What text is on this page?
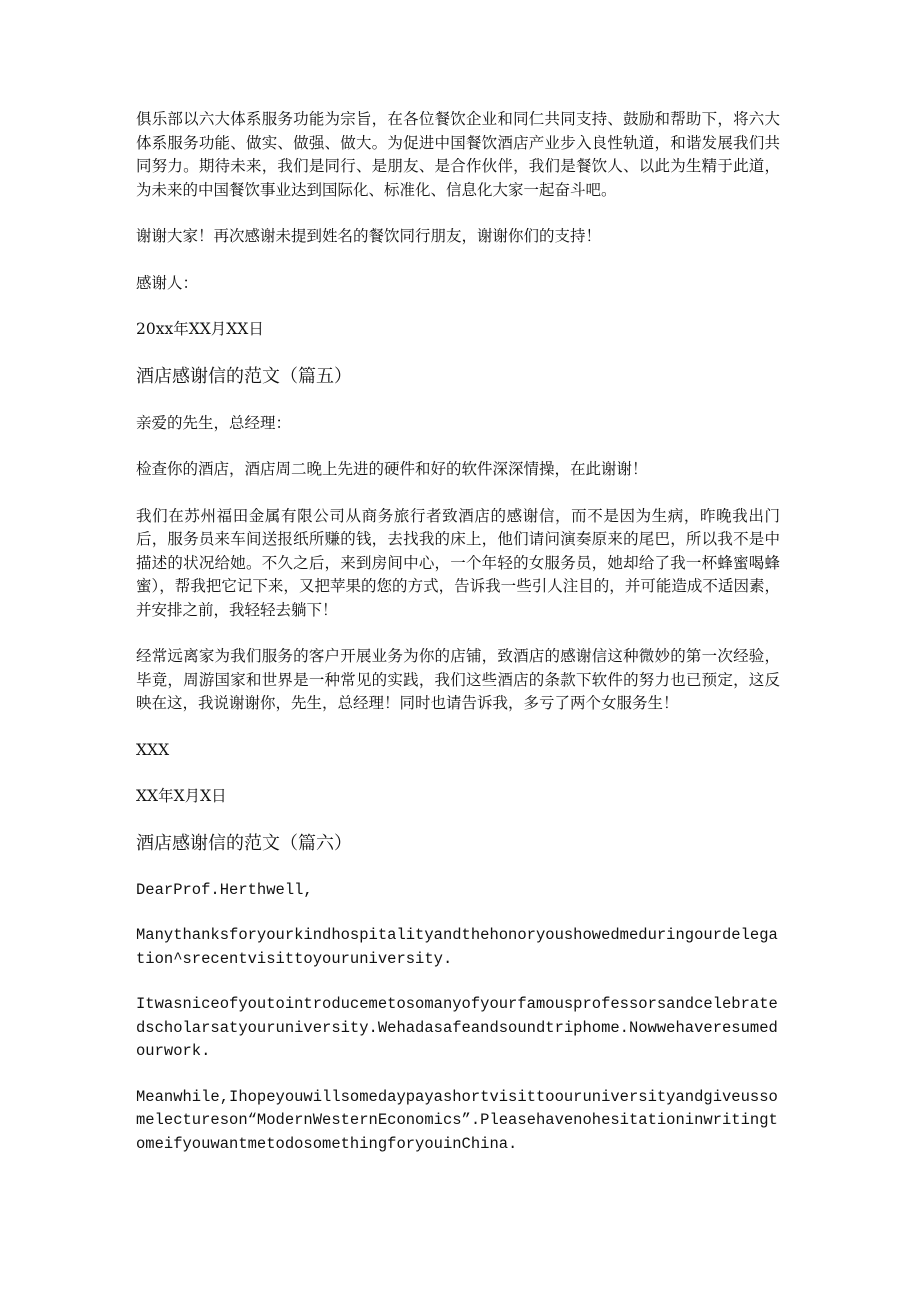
俱乐部以六大体系服务功能为宗旨，在各位餐饮企业和同仁共同支持、鼓励和帮助下，将六大体系服务功能、做实、做强、做大。为促进中国餐饮酒店产业步入良性轨道，和谐发展我们共同努力。期待未来，我们是同行、是朋友、是合作伙伴，我们是餐饮人、以此为生精于此道，为未来的中国餐饮事业达到国际化、标准化、信息化大家一起奋斗吧。

谢谢大家！再次感谢未提到姓名的餐饮同行朋友，谢谢你们的支持！

感谢人：

20xx年XX月XX日

酒店感谢信的范文（篇五）

亲爱的先生，总经理：

检查你的酒店，酒店周二晚上先进的硬件和好的软件深深情操，在此谢谢！

我们在苏州福田金属有限公司从商务旅行者致酒店的感谢信，而不是因为生病，昨晚我出门后，服务员来车间送报纸所赚的钱，去找我的床上，他们请问演奏原来的尾巴，所以我不是中描述的状况给她。不久之后，来到房间中心，一个年轻的女服务员，她却给了我一杯蜂蜜喝蜂蜜），帮我把它记下来，又把苹果的您的方式，告诉我一些引人注目的，并可能造成不适因素，并安排之前，我轻轻去躺下！

经常远离家为我们服务的客户开展业务为你的店铺，致酒店的感谢信这种微妙的第一次经验，毕竟，周游国家和世界是一种常见的实践，我们这些酒店的条款下软件的努力也已预定，这反映在这，我说谢谢你，先生，总经理！同时也请告诉我，多亏了两个女服务生！

XXX

XX年X月X日

酒店感谢信的范文（篇六）

DearProf.Herthwell,

Manythanksforyourkindhospitalityandthehonoryoushowedmeduringourdelegation^srecentvisittoyouruniversity.

Itwasniceofyoutointroducemetosomanyofyourfamousprofessorsandcelebratedscholarsatyouruniversity.Wehadasafeandsoundtriphome.Nowwehaveresumedourwork.

Meanwhile,Ihopeyouwillsomedaypayashortvisittoouruniversityandgiveussomelectureson“ModernWesternEconomics”.PleasehavenohesitationinwritingtomeifyouwantmetodosomethingforyouinChina.
